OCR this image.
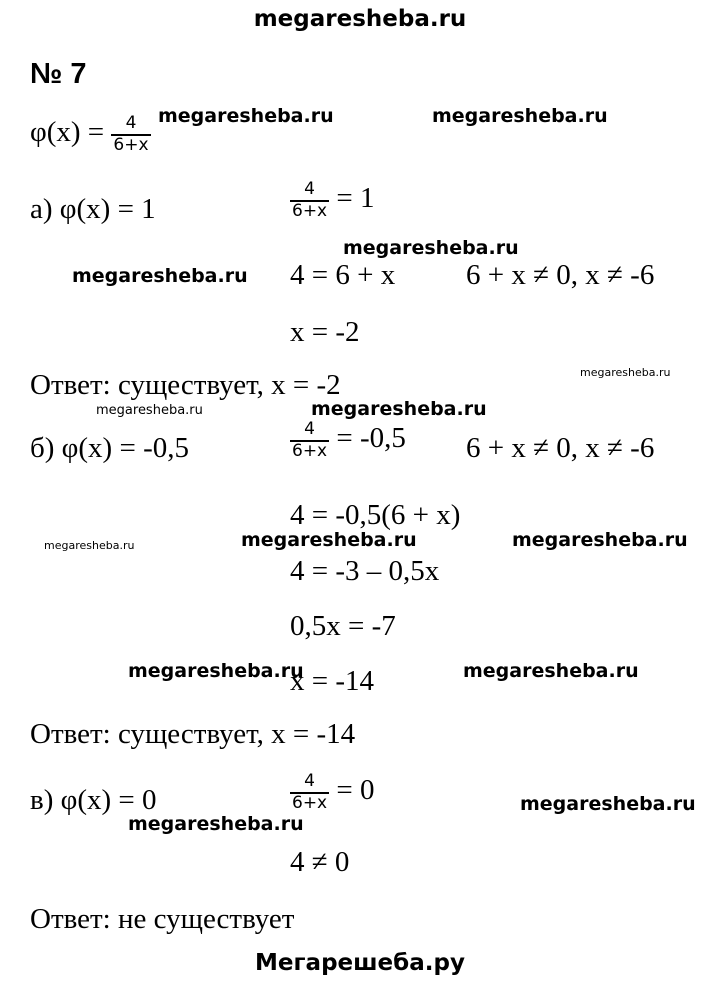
megaresheba.ru
№ 7
$\varphi(x) = \frac{4}{6+x}$
а) φ(x) = 1	$\frac{4}{6+x} = 1$
4 = 6 + x 6 + x ≠ 0, x ≠ -6
x = -2
Ответ: существует, x = -2
б) φ(x) = -0,5	$\frac{4}{6+x} = -0,5$ 6 + x ≠ 0, x ≠ -6
4 = -0,5(6 + x)
4 = -3 – 0,5x
0,5x = -7
x = -14
Ответ: существует, x = -14
в) φ(x) = 0	$\frac{4}{6+x} = 0$
4 ≠ 0
Ответ: не существует
Мегарешеба.ру
megaresheba.ru	megaresheba.ru
megaresheba.ru
megaresheba.ru
megaresheba.ru
megaresheba.ru
megaresheba.ru
megaresheba.ru	megaresheba.ru	megaresheba.ru
megaresheba.ru	megaresheba.ru
megaresheba.ru
megaresheba.ru
